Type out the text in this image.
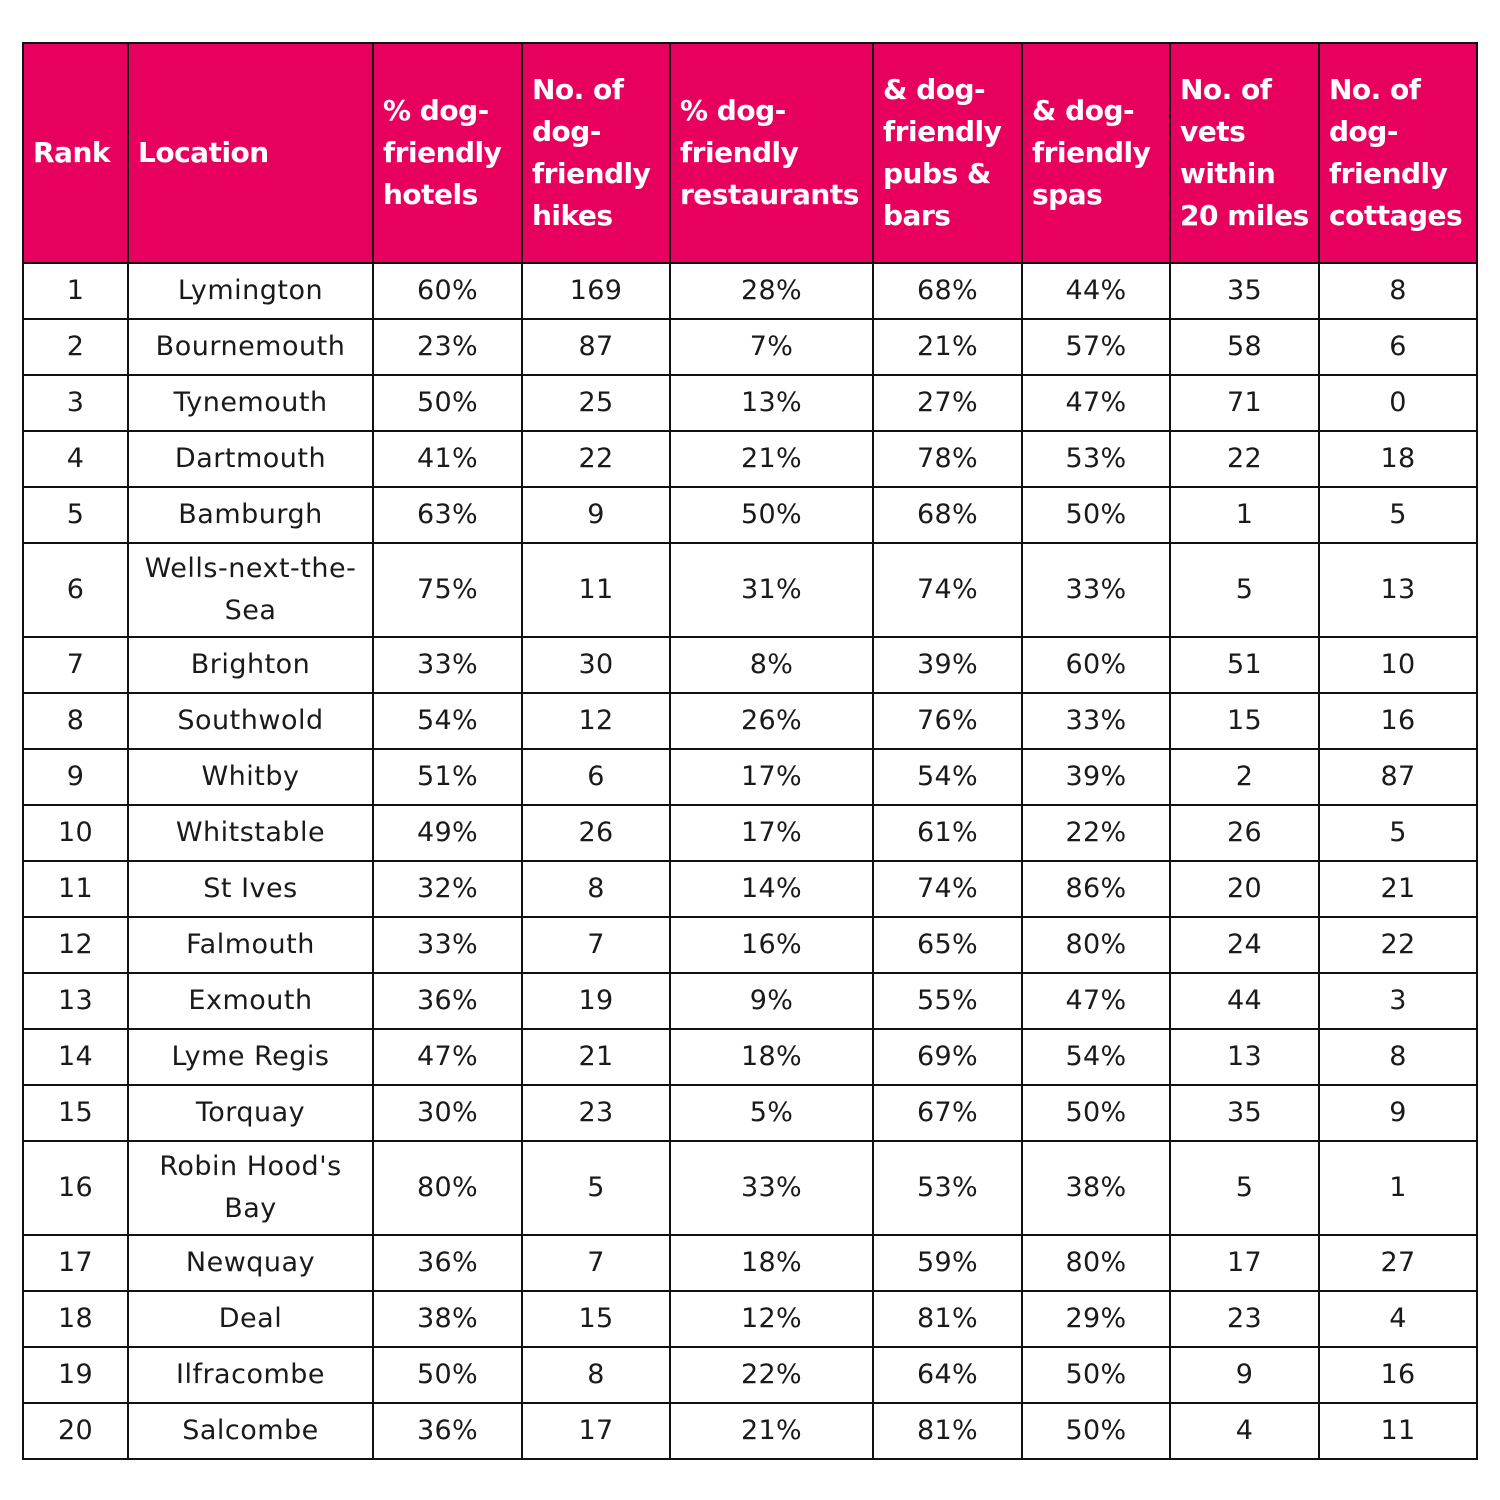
Rank	Location	% dog-friendly hotels	No. of dog-friendly hikes	% dog-friendly restaurants	& dog-friendly pubs & bars	& dog-friendly spas	No. of vets within 20 miles	No. of dog-friendly cottages
1	Lymington	60%	169	28%	68%	44%	35	8
2	Bournemouth	23%	87	7%	21%	57%	58	6
3	Tynemouth	50%	25	13%	27%	47%	71	0
4	Dartmouth	41%	22	21%	78%	53%	22	18
5	Bamburgh	63%	9	50%	68%	50%	1	5
6	Wells-next-the-Sea	75%	11	31%	74%	33%	5	13
7	Brighton	33%	30	8%	39%	60%	51	10
8	Southwold	54%	12	26%	76%	33%	15	16
9	Whitby	51%	6	17%	54%	39%	2	87
10	Whitstable	49%	26	17%	61%	22%	26	5
11	St Ives	32%	8	14%	74%	86%	20	21
12	Falmouth	33%	7	16%	65%	80%	24	22
13	Exmouth	36%	19	9%	55%	47%	44	3
14	Lyme Regis	47%	21	18%	69%	54%	13	8
15	Torquay	30%	23	5%	67%	50%	35	9
16	Robin Hood's Bay	80%	5	33%	53%	38%	5	1
17	Newquay	36%	7	18%	59%	80%	17	27
18	Deal	38%	15	12%	81%	29%	23	4
19	Ilfracombe	50%	8	22%	64%	50%	9	16
20	Salcombe	36%	17	21%	81%	50%	4	11
